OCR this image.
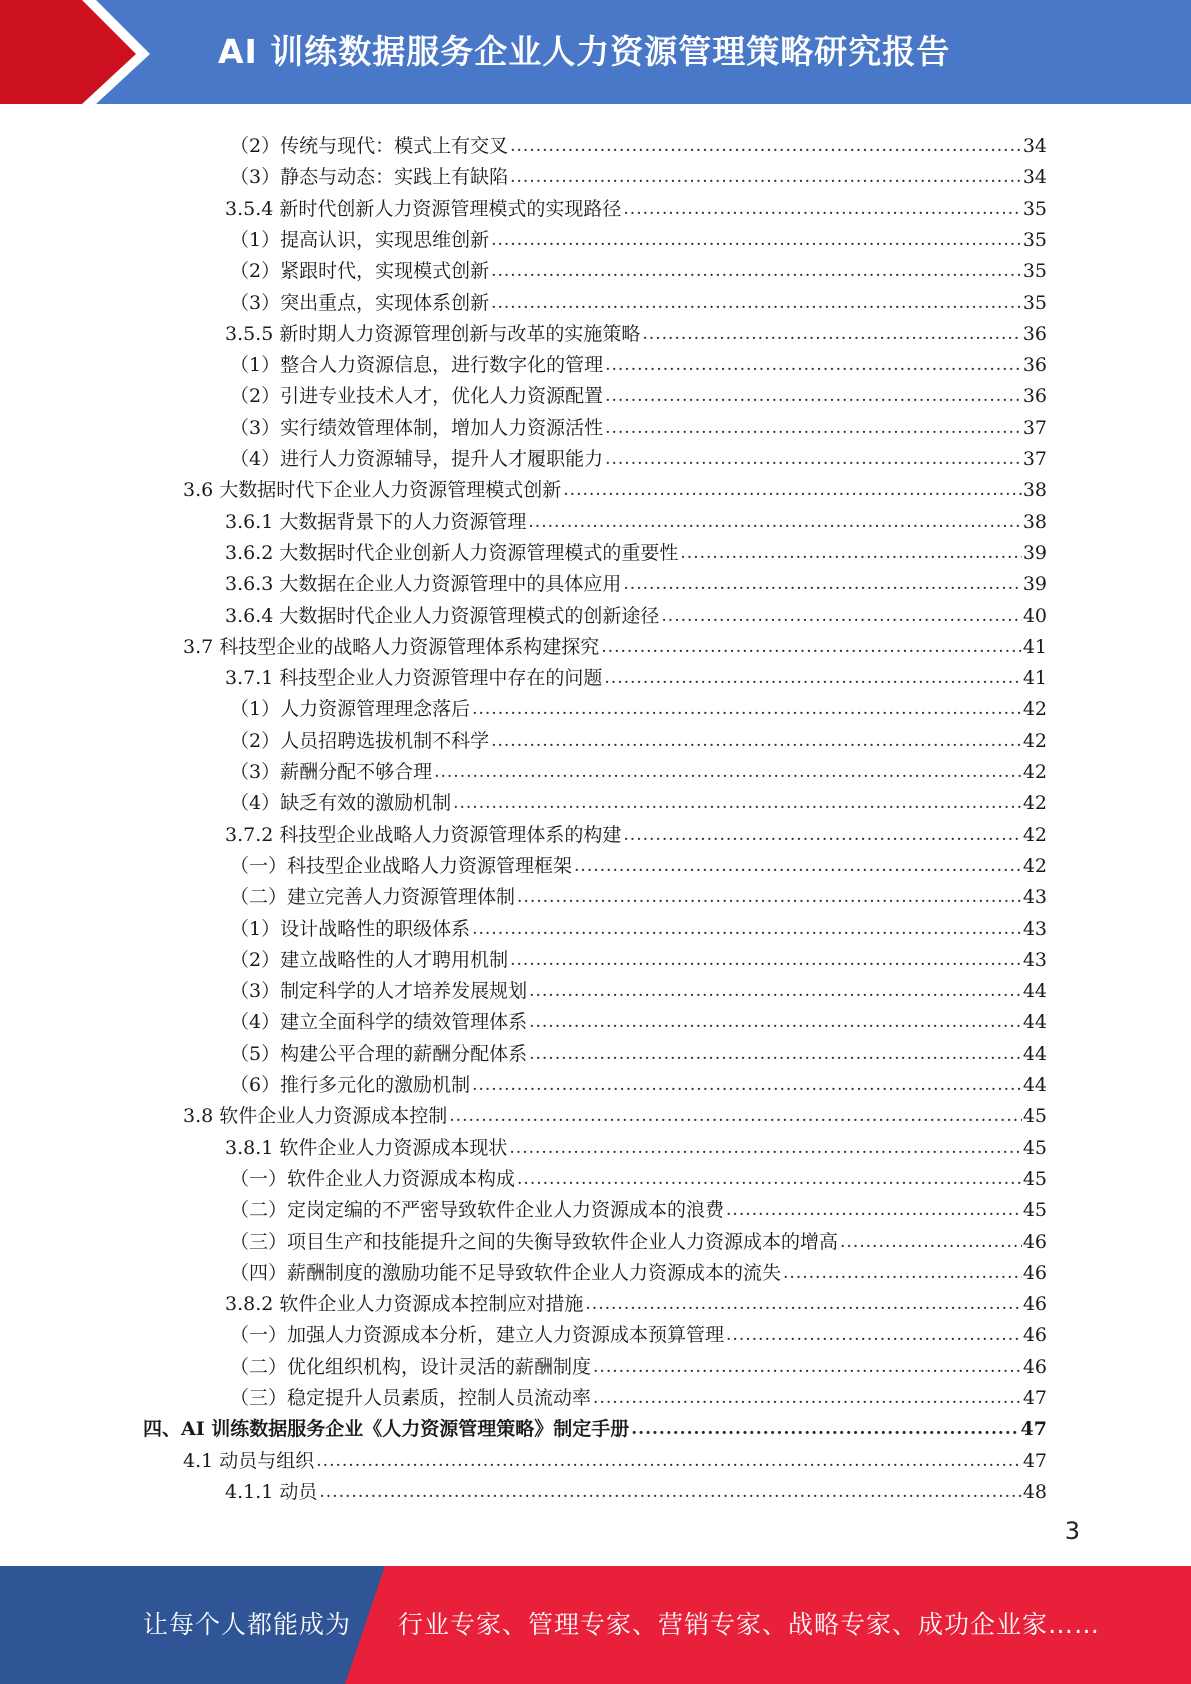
AI 训练数据服务企业人力资源管理策略研究报告
（2）传统与现代：模式上有交叉 .....	34
（3）静态与动态：实践上有缺陷 .....	34
3.5.4 新时代创新人力资源管理模式的实现路径 .....	35
（1）提高认识，实现思维创新 .....	35
（2）紧跟时代，实现模式创新 .....	35
（3）突出重点，实现体系创新 .....	35
3.5.5 新时期人力资源管理创新与改革的实施策略 .....	36
（1）整合人力资源信息，进行数字化的管理 .....	36
（2）引进专业技术人才，优化人力资源配置 .....	36
（3）实行绩效管理体制，增加人力资源活性 .....	37
（4）进行人力资源辅导，提升人才履职能力 .....	37
3.6 大数据时代下企业人力资源管理模式创新 .....	38
3.6.1 大数据背景下的人力资源管理 .....	38
3.6.2 大数据时代企业创新人力资源管理模式的重要性 .....	39
3.6.3 大数据在企业人力资源管理中的具体应用 .....	39
3.6.4 大数据时代企业人力资源管理模式的创新途径 .....	40
3.7 科技型企业的战略人力资源管理体系构建探究 .....	41
3.7.1 科技型企业人力资源管理中存在的问题 .....	41
（1）人力资源管理理念落后 .....	42
（2）人员招聘选拔机制不科学 .....	42
（3）薪酬分配不够合理 .....	42
（4）缺乏有效的激励机制 .....	42
3.7.2 科技型企业战略人力资源管理体系的构建 .....	42
（一）科技型企业战略人力资源管理框架 .....	42
（二）建立完善人力资源管理体制 .....	43
（1）设计战略性的职级体系 .....	43
（2）建立战略性的人才聘用机制 .....	43
（3）制定科学的人才培养发展规划 .....	44
（4）建立全面科学的绩效管理体系 .....	44
（5）构建公平合理的薪酬分配体系 .....	44
（6）推行多元化的激励机制 .....	44
3.8 软件企业人力资源成本控制 .....	45
3.8.1 软件企业人力资源成本现状 .....	45
（一）软件企业人力资源成本构成 .....	45
（二）定岗定编的不严密导致软件企业人力资源成本的浪费 .....	45
（三）项目生产和技能提升之间的失衡导致软件企业人力资源成本的增高 .....	46
（四）薪酬制度的激励功能不足导致软件企业人力资源成本的流失 .....	46
3.8.2 软件企业人力资源成本控制应对措施 .....	46
（一）加强人力资源成本分析，建立人力资源成本预算管理 .....	46
（二）优化组织机构，设计灵活的薪酬制度 .....	46
（三）稳定提升人员素质，控制人员流动率 .....	47
四、AI 训练数据服务企业《人力资源管理策略》制定手册 .....	47
4.1 动员与组织 .....	47
4.1.1 动员 .....	48
3
让每个人都能成为 行业专家、管理专家、营销专家、战略专家、成功企业家……
